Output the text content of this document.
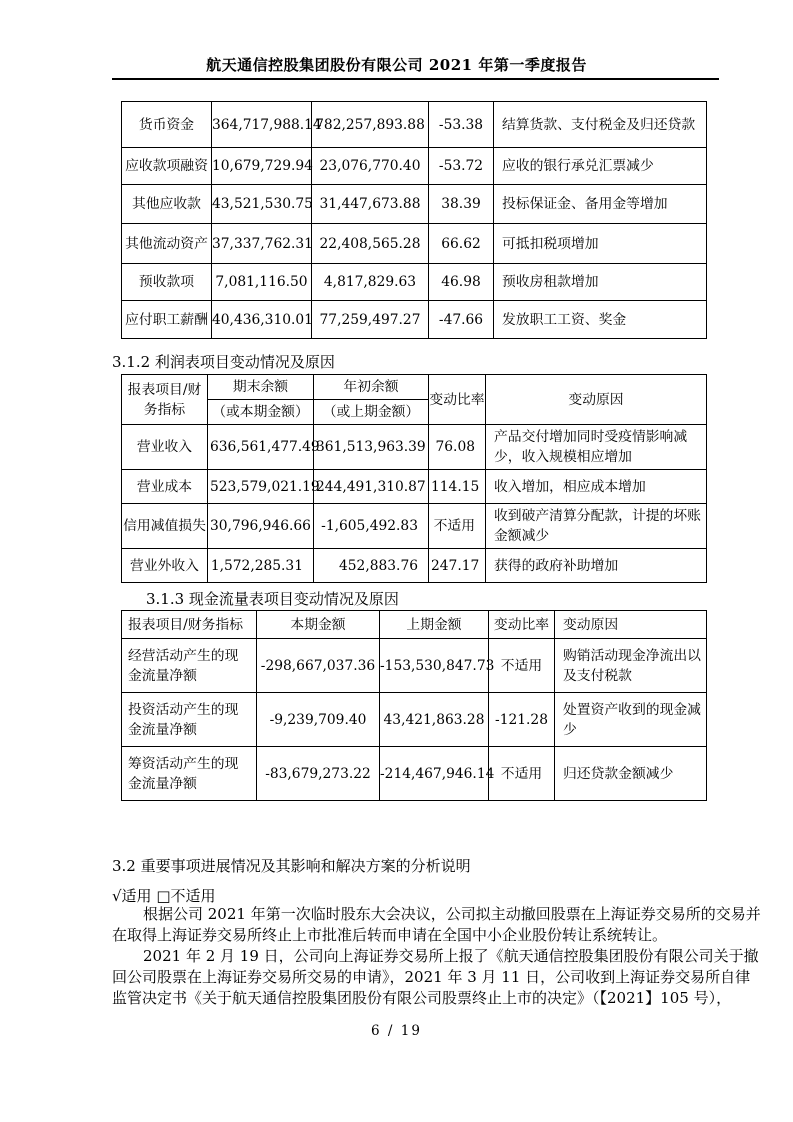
航天通信控股集团股份有限公司 2021 年第一季度报告
货币资金	364,717,988.14	782,257,893.88	-53.38	结算货款、支付税金及归还贷款
应收款项融资	10,679,729.94	23,076,770.40	-53.72	应收的银行承兑汇票减少
其他应收款	43,521,530.75	31,447,673.88	38.39	投标保证金、备用金等增加
其他流动资产	37,337,762.31	22,408,565.28	66.62	可抵扣税项增加
预收款项	7,081,116.50	4,817,829.63	46.98	预收房租款增加
应付职工薪酬	40,436,310.01	77,259,497.27	-47.66	发放职工工资、奖金
3.1.2 利润表项目变动情况及原因
报表项目/财务指标	期末余额	年初余额	变动比率	变动原因
	（或本期金额）	（或上期金额）		
营业收入	636,561,477.49	361,513,963.39	76.08	产品交付增加同时受疫情影响减少，收入规模相应增加
营业成本	523,579,021.19	244,491,310.87	114.15	收入增加，相应成本增加
信用减值损失	30,796,946.66	-1,605,492.83	不适用	收到破产清算分配款，计提的坏账金额减少
营业外收入	1,572,285.31	452,883.76	247.17	获得的政府补助增加
3.1.3 现金流量表项目变动情况及原因
报表项目/财务指标	本期金额	上期金额	变动比率	变动原因
经营活动产生的现金流量净额	-298,667,037.36	-153,530,847.73	不适用	购销活动现金净流出以及支付税款
投资活动产生的现金流量净额	-9,239,709.40	43,421,863.28	-121.28	处置资产收到的现金减少
筹资活动产生的现金流量净额	-83,679,273.22	-214,467,946.14	不适用	归还贷款金额减少
3.2 重要事项进展情况及其影响和解决方案的分析说明
√适用 □不适用
根据公司 2021 年第一次临时股东大会决议，公司拟主动撤回股票在上海证券交易所的交易并
在取得上海证券交易所终止上市批准后转而申请在全国中小企业股份转让系统转让。
2021 年 2 月 19 日，公司向上海证券交易所上报了《航天通信控股集团股份有限公司关于撤
回公司股票在上海证券交易所交易的申请》，2021 年 3 月 11 日，公司收到上海证券交易所自律
监管决定书《关于航天通信控股集团股份有限公司股票终止上市的决定》（【2021】105 号），
6 / 19
